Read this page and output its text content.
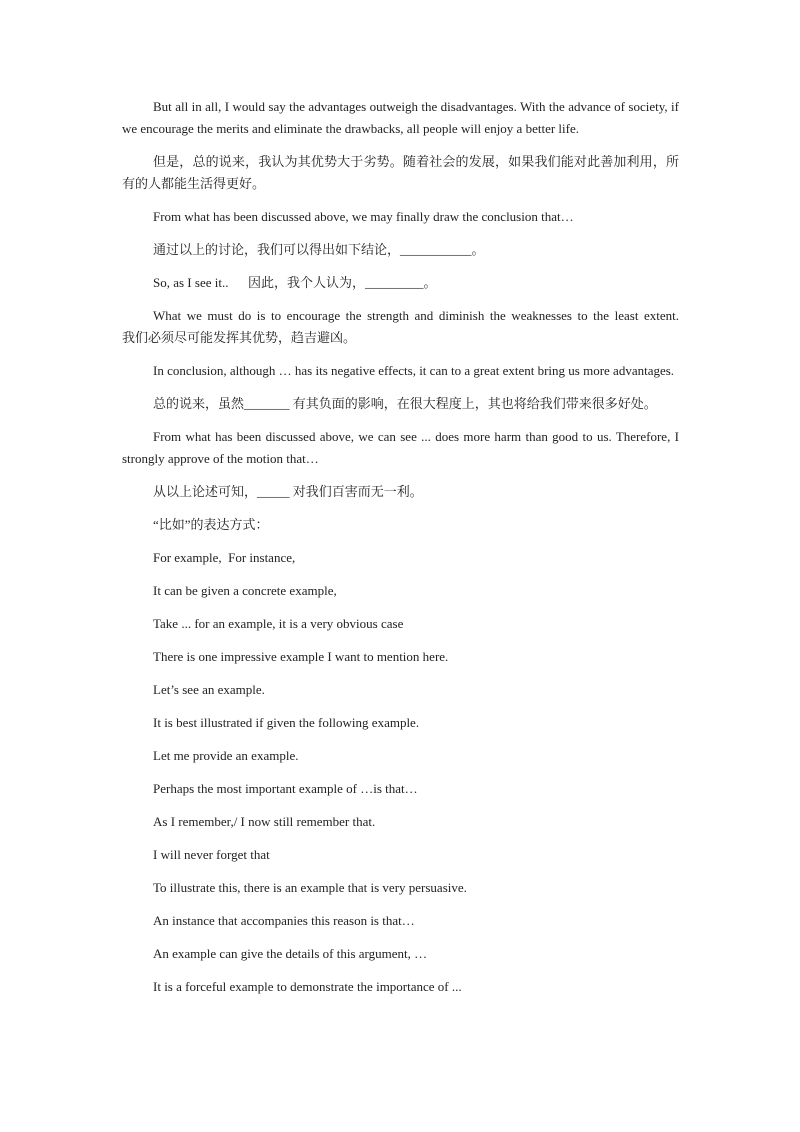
But all in all, I would say the advantages outweigh the disadvantages. With the advance of society, if we encourage the merits and eliminate the drawbacks, all people will enjoy a better life.

但是，总的说来，我认为其优势大于劣势。随着社会的发展，如果我们能对此善加利用，所有的人都能生活得更好。

From what has been discussed above, we may finally draw the conclusion that…

通过以上的讨论，我们可以得出如下结论，___________。

So, as I see it..      因此，我个人认为，_________。

What we must do is to encourage the strength and diminish the weaknesses to the least extent.           我们必须尽可能发挥其优势，趋吉避凶。

In conclusion, although … has its negative effects, it can to a great extent bring us more advantages.

总的说来，虽然_______ 有其负面的影响，在很大程度上，其也将给我们带来很多好处。

From what has been discussed above, we can see ... does more harm than good to us. Therefore, I strongly approve of the motion that…

从以上论述可知，_____ 对我们百害而无一利。

“比如”的表达方式：

For example,  For instance,

It can be given a concrete example,

Take ... for an example, it is a very obvious case

There is one impressive example I want to mention here.

Let’s see an example.

It is best illustrated if given the following example.

Let me provide an example.

Perhaps the most important example of …is that…

As I remember,/ I now still remember that.

I will never forget that

To illustrate this, there is an example that is very persuasive.

An instance that accompanies this reason is that…

An example can give the details of this argument, …

It is a forceful example to demonstrate the importance of ...
